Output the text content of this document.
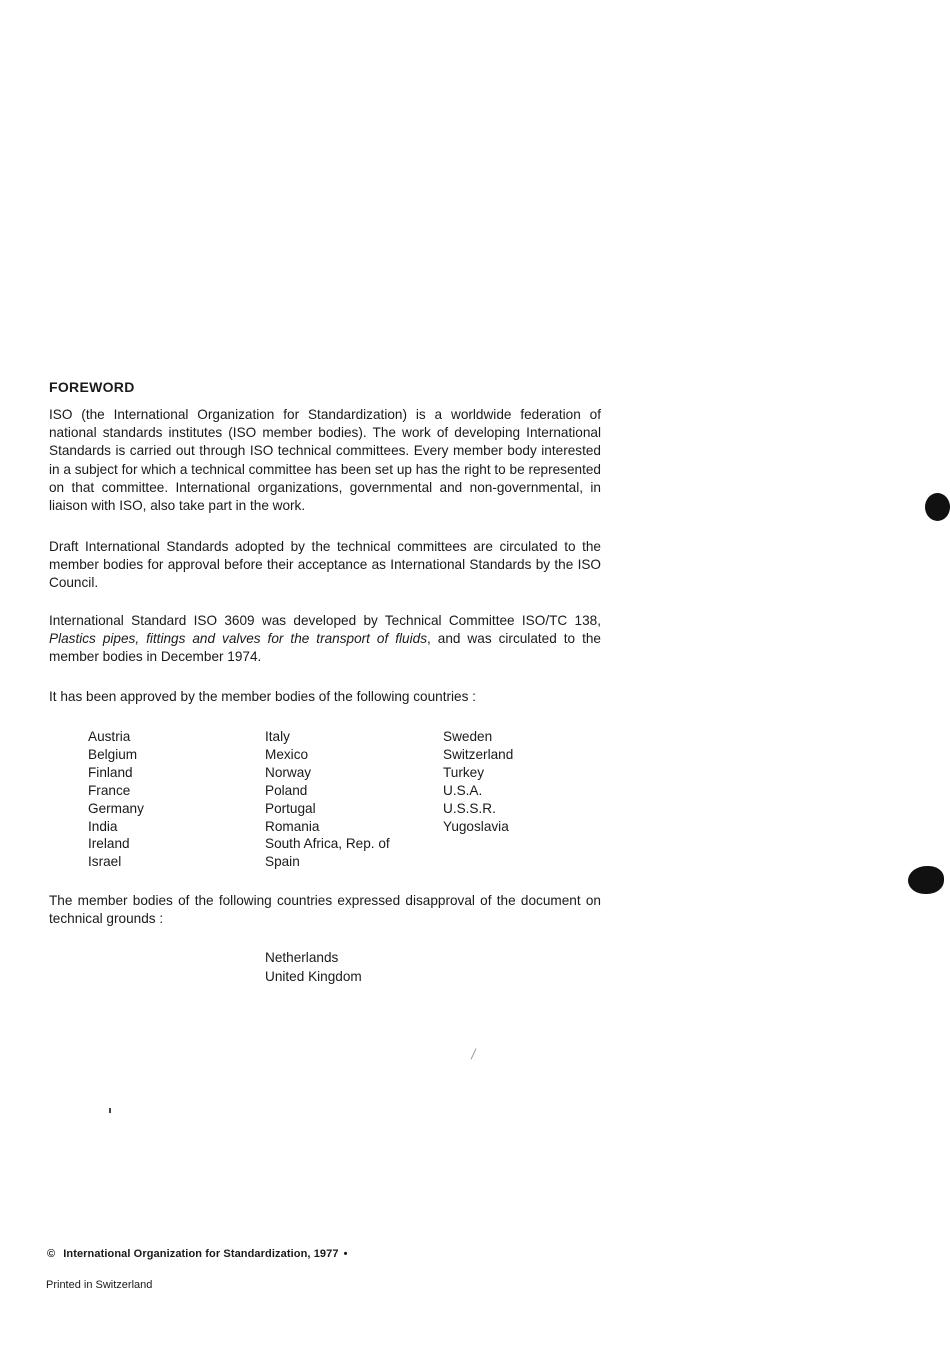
FOREWORD
ISO (the International Organization for Standardization) is a worldwide federation of national standards institutes (ISO member bodies). The work of developing International Standards is carried out through ISO technical committees. Every member body interested in a subject for which a technical committee has been set up has the right to be represented on that committee. International organizations, governmental and non-governmental, in liaison with ISO, also take part in the work.
Draft International Standards adopted by the technical committees are circulated to the member bodies for approval before their acceptance as International Standards by the ISO Council.
International Standard ISO 3609 was developed by Technical Committee ISO/TC 138, Plastics pipes, fittings and valves for the transport of fluids, and was circulated to the member bodies in December 1974.
It has been approved by the member bodies of the following countries :
Austria
Belgium
Finland
France
Germany
India
Ireland
Israel
Italy
Mexico
Norway
Poland
Portugal
Romania
South Africa, Rep. of
Spain
Sweden
Switzerland
Turkey
U.S.A.
U.S.S.R.
Yugoslavia
The member bodies of the following countries expressed disapproval of the document on technical grounds :
Netherlands
United Kingdom
© International Organization for Standardization, 1977 •
Printed in Switzerland
